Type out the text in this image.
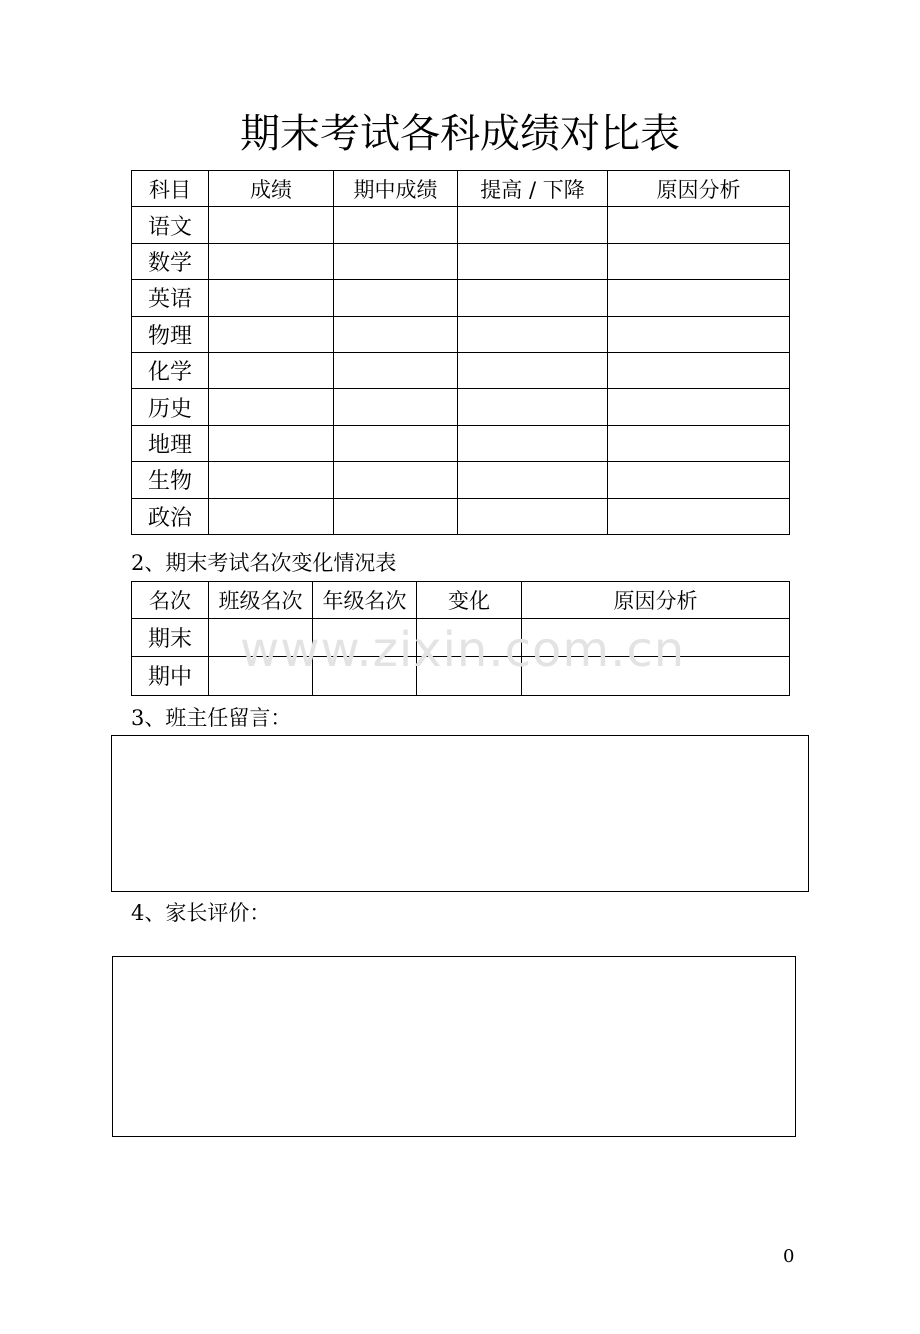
期末考试各科成绩对比表
科目	成绩	期中成绩	提高 / 下降	原因分析
语文				
数学				
英语				
物理				
化学				
历史				
地理				
生物				
政治				
2、期末考试名次变化情况表
名次	班级名次	年级名次	变化	原因分析
期末				
期中				www.zixin.com.cn
3、班主任留言：
4、家长评价：
0
